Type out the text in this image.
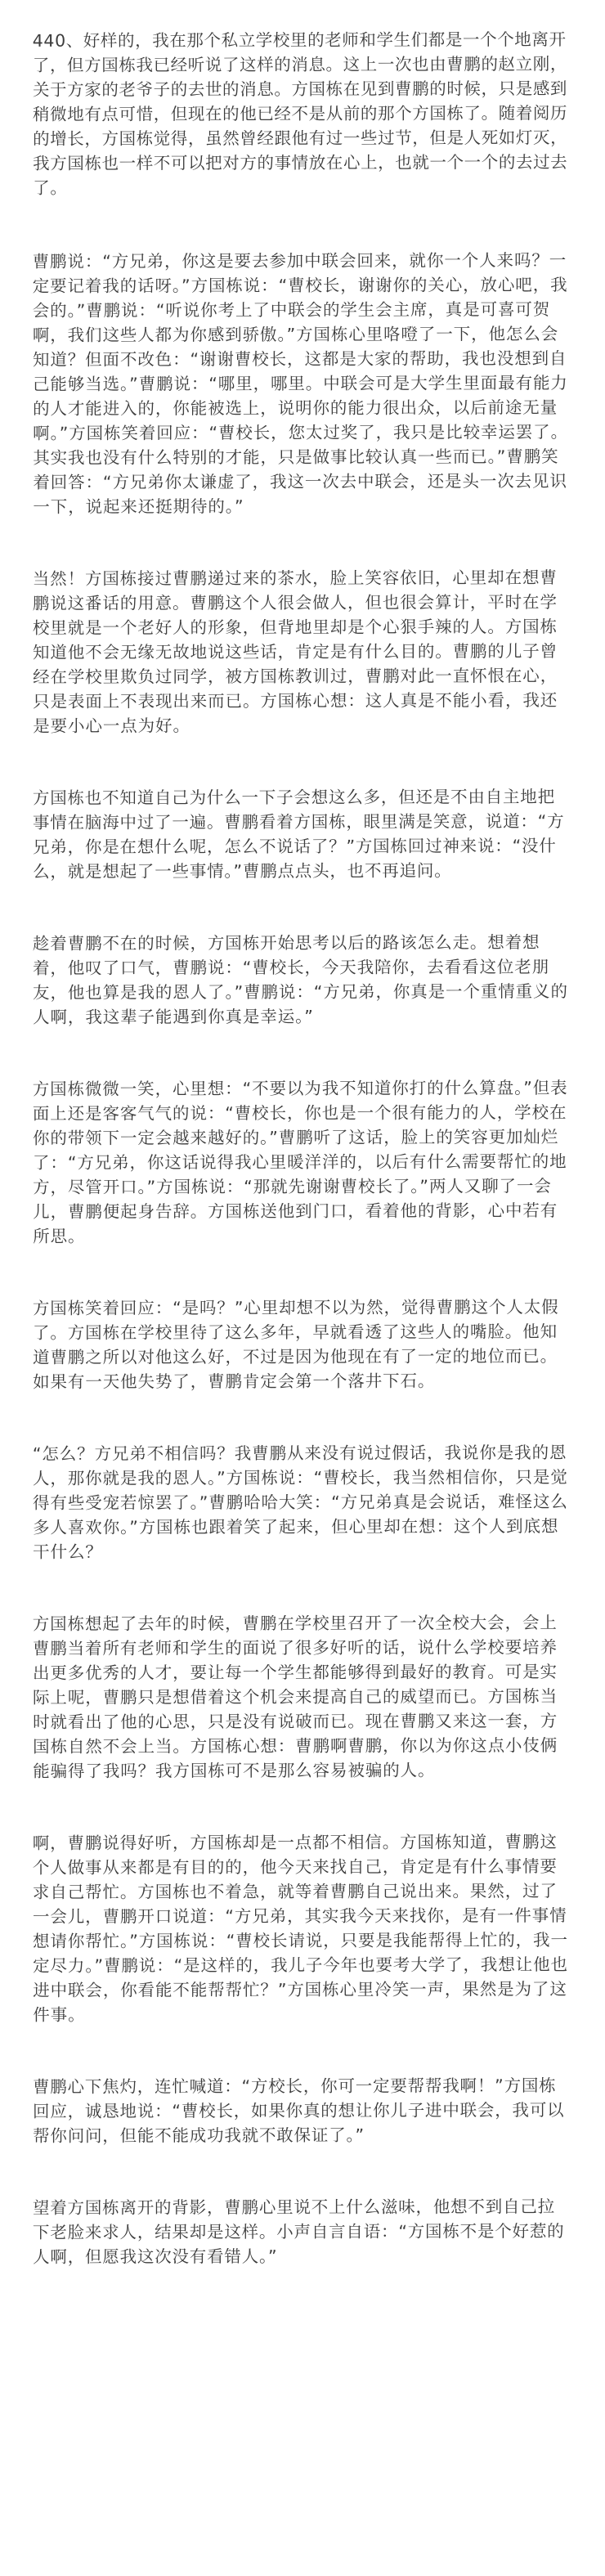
440、好样的，我在那个私立学校里的老师和学生们都是一个个地离开了，但方国栋我已经听说了这样的消息。这上一次也由曹鹏的赵立刚，关于方家的老爷子的去世的消息。方国栋在见到曹鹏的时候，只是感到稍微地有点可惜，但现在的他已经不是从前的那个方国栋了。随着阅历的增长，方国栋觉得，虽然曾经跟他有过一些过节，但是人死如灯灭，我方国栋也一样不可以把对方的事情放在心上，也就一个一个的去过去了。

曹鹏说：“方兄弟，你这是要去参加中联会回来，就你一个人来吗？一定要记着我的话呀。”方国栋说：“曹校长，谢谢你的关心，放心吧，我会的。”曹鹏说：“听说你考上了中联会的学生会主席，真是可喜可贺啊，我们这些人都为你感到骄傲。”方国栋心里咯噔了一下，他怎么会知道？但面不改色：“谢谢曹校长，这都是大家的帮助，我也没想到自己能够当选。”曹鹏说：“哪里，哪里。中联会可是大学生里面最有能力的人才能进入的，你能被选上，说明你的能力很出众，以后前途无量啊。”方国栋笑着回应：“曹校长，您太过奖了，我只是比较幸运罢了。其实我也没有什么特别的才能，只是做事比较认真一些而已。”曹鹏笑着回答：“方兄弟你太谦虚了，我这一次去中联会，还是头一次去见识一下，说起来还挺期待的。”

当然！方国栋接过曹鹏递过来的茶水，脸上笑容依旧，心里却在想曹鹏说这番话的用意。曹鹏这个人很会做人，但也很会算计，平时在学校里就是一个老好人的形象，但背地里却是个心狠手辣的人。方国栋知道他不会无缘无故地说这些话，肯定是有什么目的。曹鹏的儿子曾经在学校里欺负过同学，被方国栋教训过，曹鹏对此一直怀恨在心，只是表面上不表现出来而已。方国栋心想：这人真是不能小看，我还是要小心一点为好。

方国栋也不知道自己为什么一下子会想这么多，但还是不由自主地把事情在脑海中过了一遍。曹鹏看着方国栋，眼里满是笑意，说道：“方兄弟，你是在想什么呢，怎么不说话了？”方国栋回过神来说：“没什么，就是想起了一些事情。”曹鹏点点头，也不再追问。

趁着曹鹏不在的时候，方国栋开始思考以后的路该怎么走。想着想着，他叹了口气，曹鹏说：“曹校长，今天我陪你，去看看这位老朋友，他也算是我的恩人了。”曹鹏说：“方兄弟，你真是一个重情重义的人啊，我这辈子能遇到你真是幸运。”

方国栋微微一笑，心里想：“不要以为我不知道你打的什么算盘。”但表面上还是客客气气的说：“曹校长，你也是一个很有能力的人，学校在你的带领下一定会越来越好的。”曹鹏听了这话，脸上的笑容更加灿烂了：“方兄弟，你这话说得我心里暖洋洋的，以后有什么需要帮忙的地方，尽管开口。”方国栋说：“那就先谢谢曹校长了。”两人又聊了一会儿，曹鹏便起身告辞。方国栋送他到门口，看着他的背影，心中若有所思。

方国栋笑着回应：“是吗？”心里却想不以为然，觉得曹鹏这个人太假了。方国栋在学校里待了这么多年，早就看透了这些人的嘴脸。他知道曹鹏之所以对他这么好，不过是因为他现在有了一定的地位而已。如果有一天他失势了，曹鹏肯定会第一个落井下石。

“怎么？方兄弟不相信吗？我曹鹏从来没有说过假话，我说你是我的恩人，那你就是我的恩人。”方国栋说：“曹校长，我当然相信你，只是觉得有些受宠若惊罢了。”曹鹏哈哈大笑：“方兄弟真是会说话，难怪这么多人喜欢你。”方国栋也跟着笑了起来，但心里却在想：这个人到底想干什么？

方国栋想起了去年的时候，曹鹏在学校里召开了一次全校大会，会上曹鹏当着所有老师和学生的面说了很多好听的话，说什么学校要培养出更多优秀的人才，要让每一个学生都能够得到最好的教育。可是实际上呢，曹鹏只是想借着这个机会来提高自己的威望而已。方国栋当时就看出了他的心思，只是没有说破而已。现在曹鹏又来这一套，方国栋自然不会上当。方国栋心想：曹鹏啊曹鹏，你以为你这点小伎俩能骗得了我吗？我方国栋可不是那么容易被骗的人。

啊，曹鹏说得好听，方国栋却是一点都不相信。方国栋知道，曹鹏这个人做事从来都是有目的的，他今天来找自己，肯定是有什么事情要求自己帮忙。方国栋也不着急，就等着曹鹏自己说出来。果然，过了一会儿，曹鹏开口说道：“方兄弟，其实我今天来找你，是有一件事情想请你帮忙。”方国栋说：“曹校长请说，只要是我能帮得上忙的，我一定尽力。”曹鹏说：“是这样的，我儿子今年也要考大学了，我想让他也进中联会，你看能不能帮帮忙？”方国栋心里冷笑一声，果然是为了这件事。

曹鹏心下焦灼，连忙喊道：“方校长，你可一定要帮帮我啊！”方国栋回应，诚恳地说：“曹校长，如果你真的想让你儿子进中联会，我可以帮你问问，但能不能成功我就不敢保证了。”

望着方国栋离开的背影，曹鹏心里说不上什么滋味，他想不到自己拉下老脸来求人，结果却是这样。小声自言自语：“方国栋不是个好惹的人啊，但愿我这次没有看错人。”
